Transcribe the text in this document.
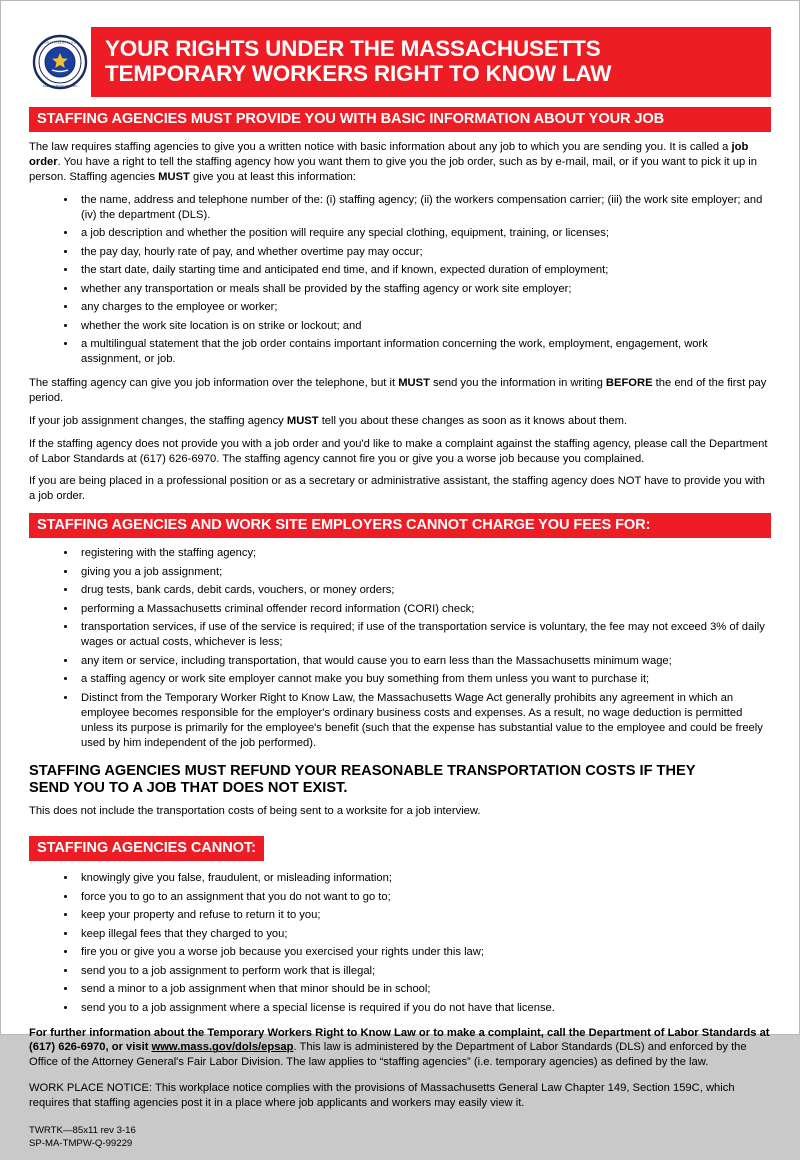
SIGILLVM REIPVBLICAE
MASSACHVSETTENSIS
YOUR RIGHTS UNDER THE MASSACHUSETTS
TEMPORARY WORKERS RIGHT TO KNOW LAW
STAFFING AGENCIES MUST PROVIDE YOU WITH BASIC INFORMATION ABOUT YOUR JOB

The law requires staffing agencies to give you a written notice with basic information about any job to which you are sending you. It is called a job order. You have a right to tell the staffing agency how you want them to give you the job order, such as by e-mail, mail, or if you want to pick it up in person. Staffing agencies MUST give you at least this information:

• the name, address and telephone number of the: (i) staffing agency; (ii) the workers compensation carrier; (iii) the work site employer; and (iv) the department (DLS).
• a job description and whether the position will require any special clothing, equipment, training, or licenses;
• the pay day, hourly rate of pay, and whether overtime pay may occur;
• the start date, daily starting time and anticipated end time, and if known, expected duration of employment;
• whether any transportation or meals shall be provided by the staffing agency or work site employer;
• any charges to the employee or worker;
• whether the work site location is on strike or lockout; and
• a multilingual statement that the job order contains important information concerning the work, employment, engagement, work assignment, or job.

The staffing agency can give you job information over the telephone, but it MUST send you the information in writing BEFORE the end of the first pay period.

If your job assignment changes, the staffing agency MUST tell you about these changes as soon as it knows about them.

If the staffing agency does not provide you with a job order and you'd like to make a complaint against the staffing agency, please call the Department of Labor Standards at (617) 626-6970. The staffing agency cannot fire you or give you a worse job because you complained.

If you are being placed in a professional position or as a secretary or administrative assistant, the staffing agency does NOT have to provide you with a job order.

STAFFING AGENCIES AND WORK SITE EMPLOYERS CANNOT CHARGE YOU FEES FOR:
• registering with the staffing agency;
• giving you a job assignment;
• drug tests, bank cards, debit cards, vouchers, or money orders;
• performing a Massachusetts criminal offender record information (CORI) check;
• transportation services, if use of the service is required; if use of the transportation service is voluntary, the fee may not exceed 3% of daily wages or actual costs, whichever is less;
• any item or service, including transportation, that would cause you to earn less than the Massachusetts minimum wage;
• a staffing agency or work site employer cannot make you buy something from them unless you want to purchase it;
• Distinct from the Temporary Worker Right to Know Law, the Massachusetts Wage Act generally prohibits any agreement in which an employee becomes responsible for the employer's ordinary business costs and expenses. As a result, no wage deduction is permitted unless its purpose is primarily for the employee's benefit (such that the expense has substantial value to the employee and could be freely used by him independent of the job performed).
STAFFING AGENCIES MUST REFUND YOUR REASONABLE TRANSPORTATION COSTS IF THEY
SEND YOU TO A JOB THAT DOES NOT EXIST.

This does not include the transportation costs of being sent to a worksite for a job interview.

STAFFING AGENCIES CANNOT:
• knowingly give you false, fraudulent, or misleading information;
• force you to go to an assignment that you do not want to go to;
• keep your property and refuse to return it to you;
• keep illegal fees that they charged to you;
• fire you or give you a worse job because you exercised your rights under this law;
• send you to a job assignment to perform work that is illegal;
• send a minor to a job assignment when that minor should be in school;
• send you to a job assignment where a special license is required if you do not have that license.

For further information about the Temporary Workers Right to Know Law or to make a complaint, call the Department of Labor Standards at (617) 626-6970, or visit www.mass.gov/dols/epsap. This law is administered by the Department of Labor Standards (DLS) and enforced by the Office of the Attorney General's Fair Labor Division. The law applies to “staffing agencies” (i.e. temporary agencies) as defined by the law.

WORK PLACE NOTICE: This workplace notice complies with the provisions of Massachusetts General Law Chapter 149, Section 159C, which requires that staffing agencies post it in a place where job applicants and workers may easily view it.

TWRTK—85x11 rev 3-16
SP-MA-TMPW-Q-99229
